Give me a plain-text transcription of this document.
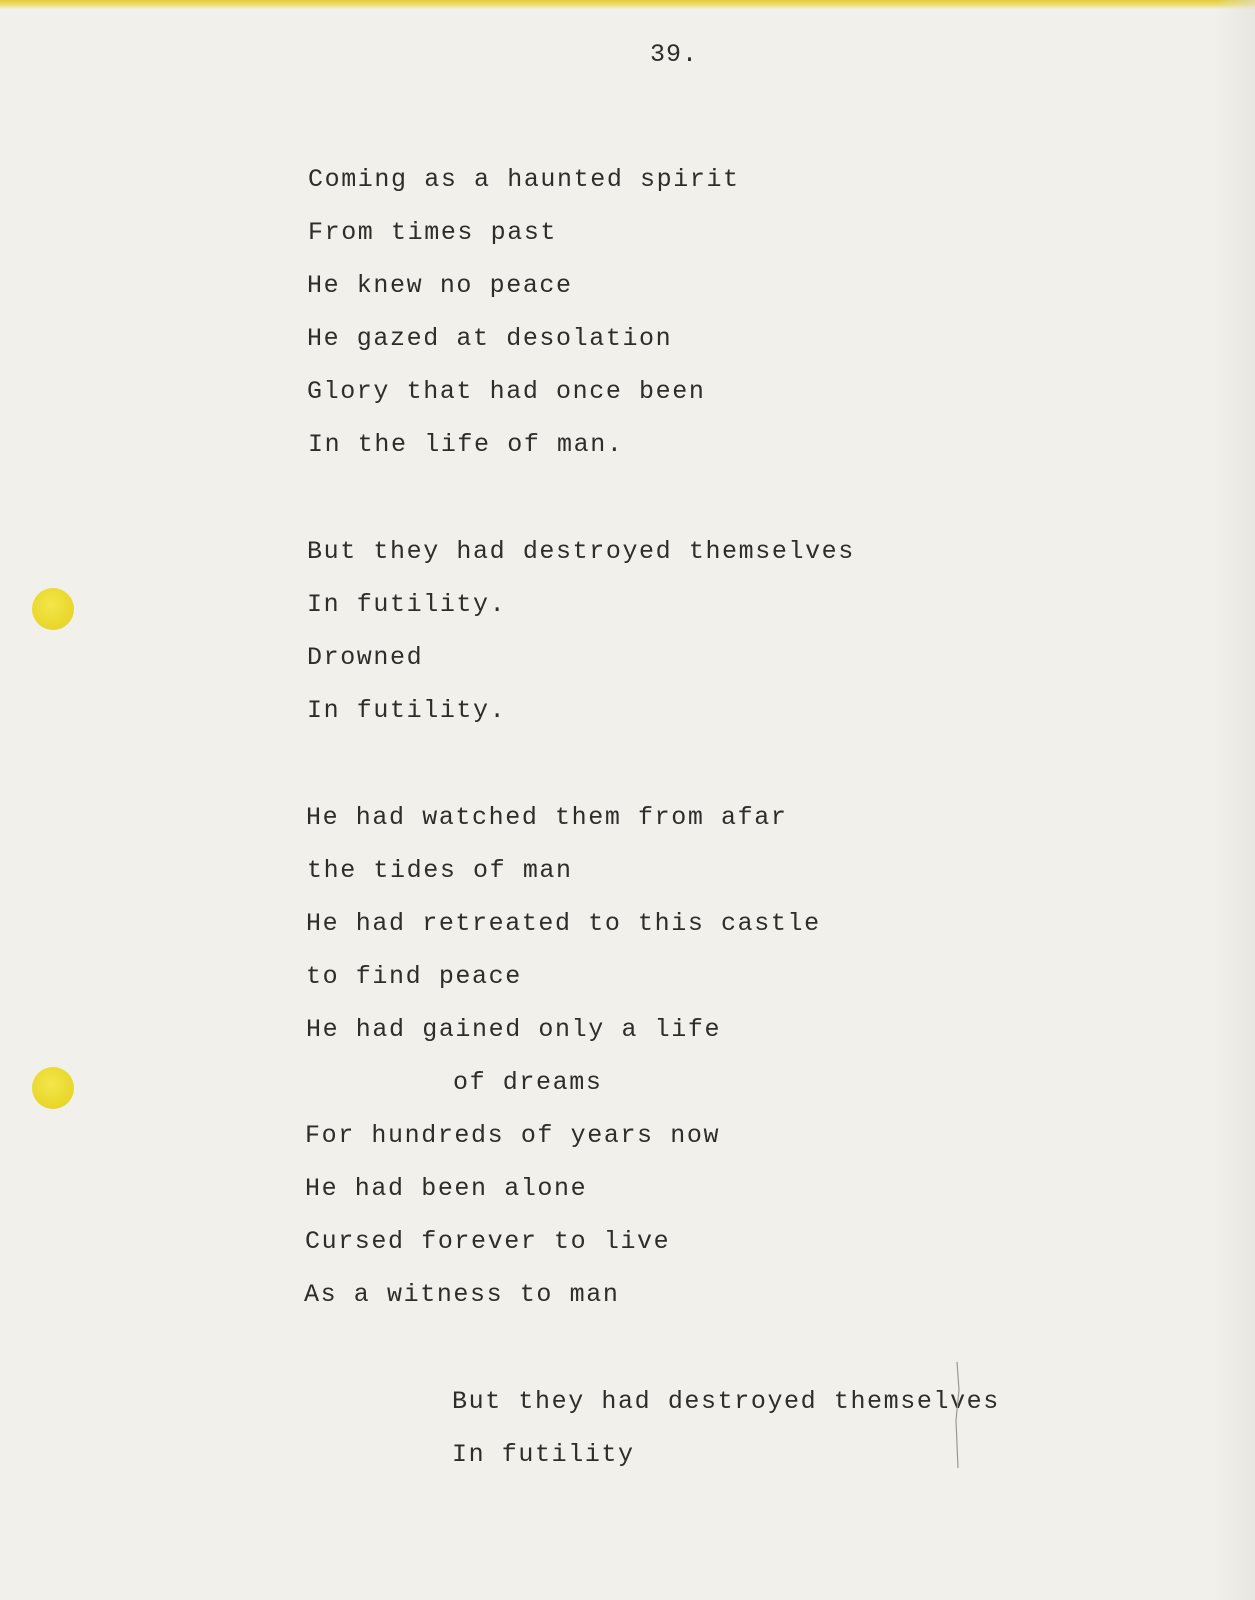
39.
Coming as a haunted spirit
From times past
He knew no peace
He gazed at desolation
Glory that had once been
In the life of man.
But they had destroyed themselves
In futility.
Drowned
In futility.
He had watched them from afar
the tides of man
He had retreated to this castle
to find peace
He had gained only a life
of dreams
For hundreds of years now
He had been alone
Cursed forever to live
As a witness to man
But they had destroyed themselves
In futility
